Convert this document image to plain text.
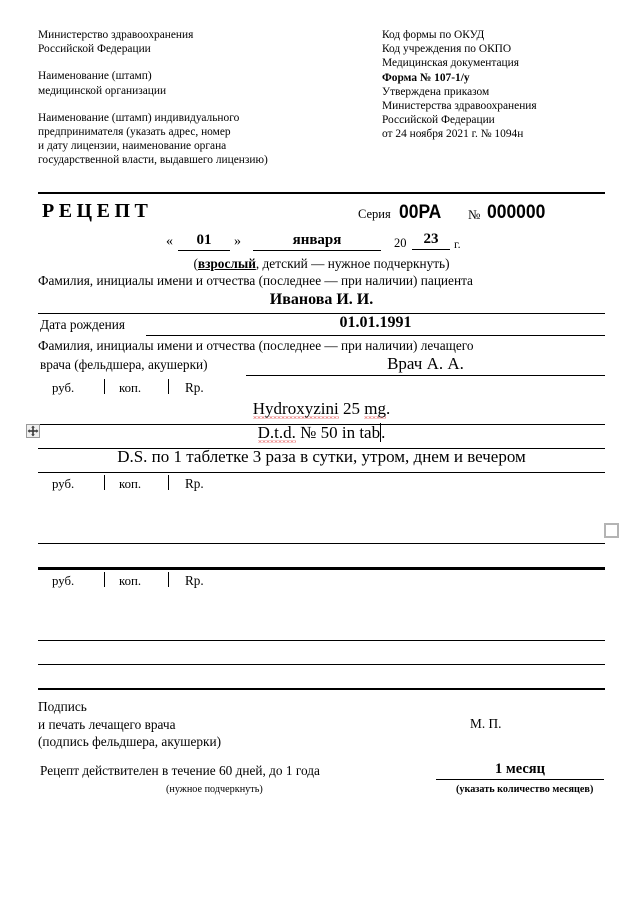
Министерство здравоохранения
Российской Федерации
Наименование (штамп)
медицинской организации
Наименование (штамп) индивидуального
предпринимателя (указать адрес, номер
и дату лицензии, наименование органа
государственной власти, выдавшего лицензию)
Код формы по ОКУД
Код учреждения по ОКПО
Медицинская документация
Форма № 107-1/у
Утверждена приказом
Министерства здравоохранения
Российской Федерации
от 24 ноября 2021 г. № 1094н
РЕЦЕПТ	Серия 00РА № 000000
«	01	»	января	20	23	г.
(взрослый, детский — нужное подчеркнуть)
Фамилия, инициалы имени и отчества (последнее — при наличии) пациента
Иванова И. И.
Дата рождения	01.01.1991
Фамилия, инициалы имени и отчества (последнее — при наличии) лечащего
врача (фельдшера, акушерки)	Врач А. А.
руб.	коп.	Rp.
Hydroxyzini 25 mg.
D.t.d. № 50 in tab.
D.S. по 1 таблетке 3 раза в сутки, утром, днем и вечером
руб.	коп.	Rp.
руб.	коп.	Rp.
Подпись
и печать лечащего врача
(подпись фельдшера, акушерки)
М. П.
Рецепт действителен в течение 60 дней, до 1 года	1 месяц
(нужное подчеркнуть)	(указать количество месяцев)
